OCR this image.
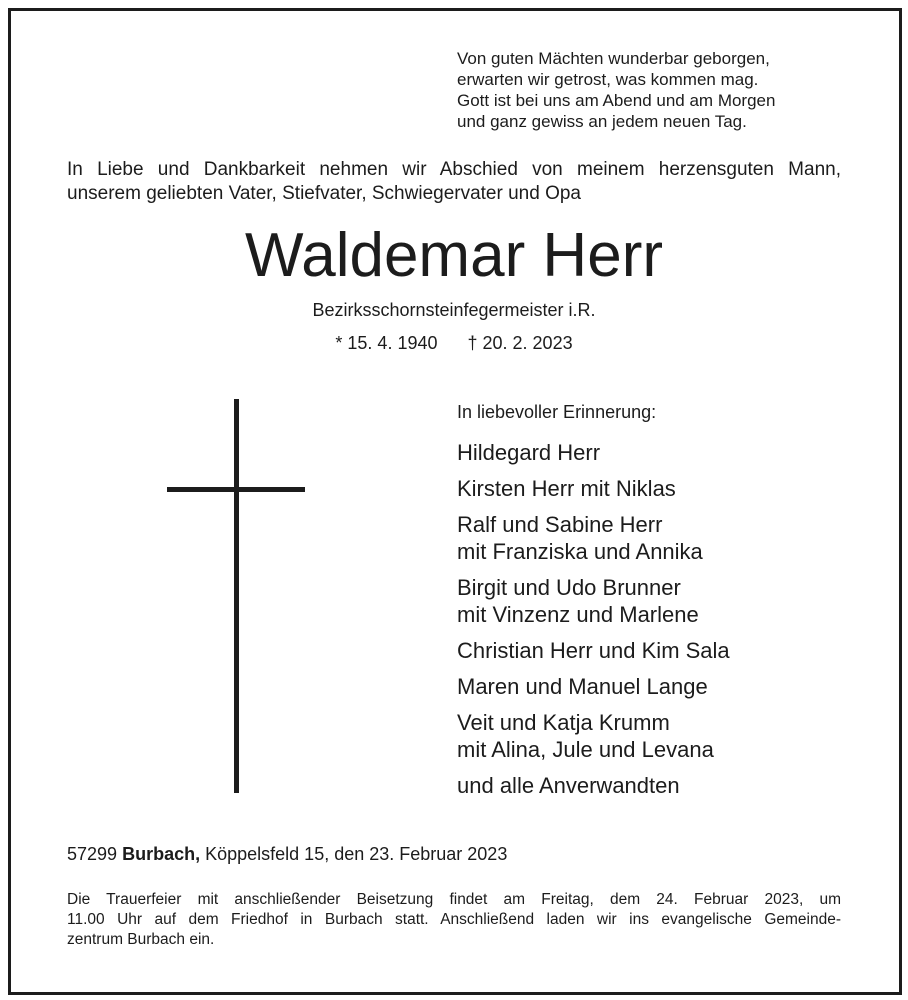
Von guten Mächten wunderbar geborgen,
erwarten wir getrost, was kommen mag.
Gott ist bei uns am Abend und am Morgen
und ganz gewiss an jedem neuen Tag.
In Liebe und Dankbarkeit nehmen wir Abschied von meinem herzensguten Mann,
unserem geliebten Vater, Stiefvater, Schwiegervater und Opa
Waldemar Herr
Bezirksschornsteinfegermeister i.R.
* 15. 4. 1940 † 20. 2. 2023
In liebevoller Erinnerung:
Hildegard Herr
Kirsten Herr mit Niklas
Ralf und Sabine Herr
mit Franziska und Annika
Birgit und Udo Brunner
mit Vinzenz und Marlene
Christian Herr und Kim Sala
Maren und Manuel Lange
Veit und Katja Krumm
mit Alina, Jule und Levana
und alle Anverwandten
57299 Burbach, Köppelsfeld 15, den 23. Februar 2023
Die Trauerfeier mit anschließender Beisetzung findet am Freitag, dem 24. Februar 2023, um
11.00 Uhr auf dem Friedhof in Burbach statt. Anschließend laden wir ins evangelische Gemeinde-
zentrum Burbach ein.
